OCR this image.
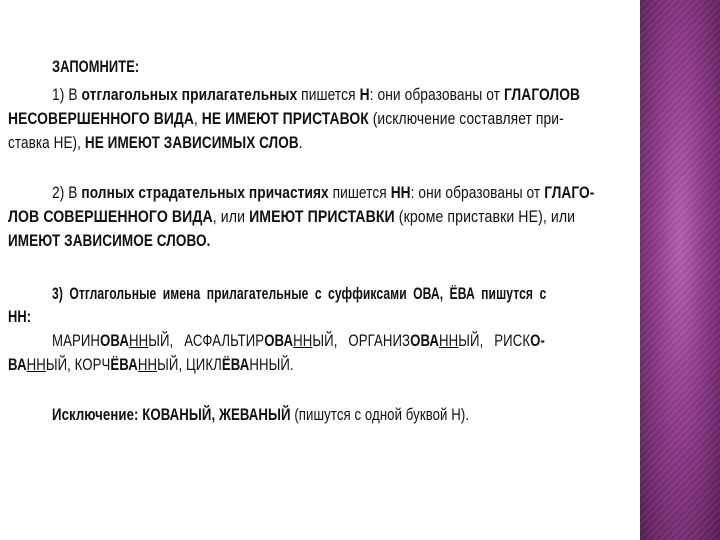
ЗАПОМНИТЕ:
1) В отглагольных прилагательных пишется Н: они образованы от ГЛАГОЛОВ
НЕСОВЕРШЕННОГО ВИДА, НЕ ИМЕЮТ ПРИСТАВОК (исключение составляет при-
ставка НЕ), НЕ ИМЕЮТ ЗАВИСИМЫХ СЛОВ.
2) В полных страдательных причастиях пишется НН: они образованы от ГЛАГО-
ЛОВ СОВЕРШЕННОГО ВИДА, или ИМЕЮТ ПРИСТАВКИ (кроме приставки НЕ), или
ИМЕЮТ ЗАВИСИМОЕ СЛОВО.
3) Отглагольные имена прилагательные с суффиксами ОВА, ЁВА пишутся с
НН:
МАРИНОВАННЫЙ, АСФАЛЬТИРОВАННЫЙ, ОРГАНИЗОВАННЫЙ, РИСКО-
ВАННЫЙ, КОРЧЁВАННЫЙ, ЦИКЛЁВАННЫЙ.
Исключение: КОВАНЫЙ, ЖЕВАНЫЙ (пишутся с одной буквой Н).
